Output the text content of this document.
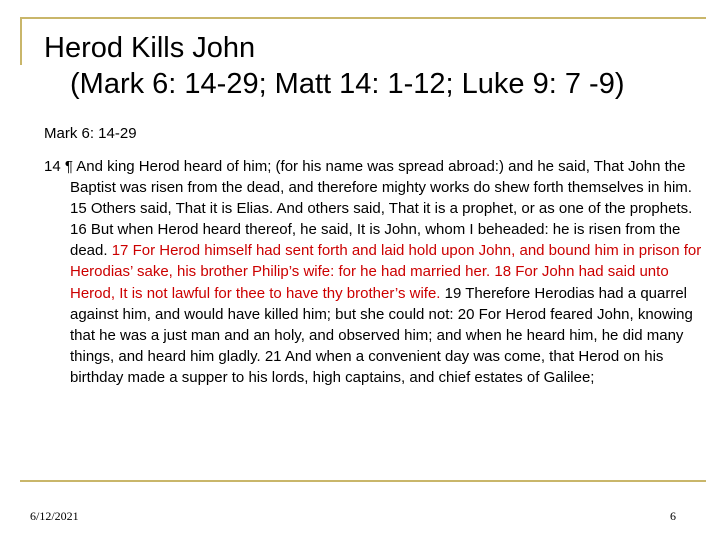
Herod Kills John
(Mark 6: 14-29; Matt 14: 1-12; Luke 9: 7 -9)
Mark 6: 14-29

14 ¶ And king Herod heard of him; (for his name was spread abroad:) and he said, That John the Baptist was risen from the dead, and therefore mighty works do shew forth themselves in him. 15 Others said, That it is Elias. And others said, That it is a prophet, or as one of the prophets. 16 But when Herod heard thereof, he said, It is John, whom I beheaded: he is risen from the dead. 17 For Herod himself had sent forth and laid hold upon John, and bound him in prison for Herodias’ sake, his brother Philip’s wife: for he had married her. 18 For John had said unto Herod, It is not lawful for thee to have thy brother’s wife. 19 Therefore Herodias had a quarrel against him, and would have killed him; but she could not: 20 For Herod feared John, knowing that he was a just man and an holy, and observed him; and when he heard him, he did many things, and heard him gladly. 21 And when a convenient day was come, that Herod on his birthday made a supper to his lords, high captains, and chief estates of Galilee;

6/12/2021	6
